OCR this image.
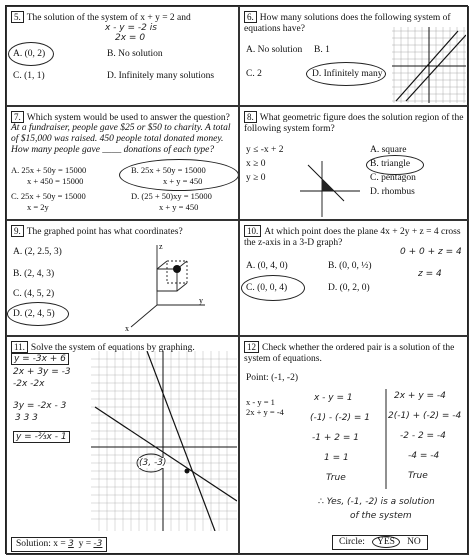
5. The solution of the system of x + y = 2 and
x - y = -2 is
2x = 0
A. (0, 2)	B. No solution
C. (1, 1)	D. Infinitely many solutions
6. How many solutions does the following system of equations have?
A. No solution B. 1
C. 2	D. Infinitely many
7. Which system would be used to answer the question?
At a fundraiser, people gave $25 or $50 to charity. A total of $15,000 was raised. 450 people total donated money. How many people gave ____ donations of each type?
A. 25x + 50y = 15000
x + 450 = 15000
B. 25x + 50y = 15000
x + y = 450
C. 25x + 50y = 15000
x = 2y
D. (25 + 50)xy = 15000
x + y = 450
8. What geometric figure does the solution region of the following system form?
y ≤ -x + 2
x ≥ 0
y ≥ 0
A. square
B. triangle
C. pentagon
D. rhombus
9. The graphed point has what coordinates?
A. (2, 2.5, 3)
B. (2, 4, 3)
C. (4, 5, 2)
D. (2, 4, 5)
z
y
x
10. At which point does the plane 4x + 2y + z = 4 cross the z-axis in a 3-D graph?
0 + 0 + z = 4
z = 4
A. (0, 4, 0)	B. (0, 0, ½)
C. (0, 0, 4)	D. (0, 2, 0)
11. Solve the system of equations by graphing.
y = -3x + 6
2x + 3y = -3
-2x -2x
3y = -2x - 3
3 3 3
y = -⅔x - 1
(3, -3)
Solution: x = 3 y = -3
12 Check whether the ordered pair is a solution of the system of equations.
Point: (-1, -2)
x - y = 1
2x + y = -4
x - y = 1
(-1) - (-2) = 1
-1 + 2 = 1
1 = 1
True
2x + y = -4
2(-1) + (-2) = -4
-2 - 2 = -4
-4 = -4
True
∴ Yes, (-1, -2) is a solution
of the system
Circle: YES NO
